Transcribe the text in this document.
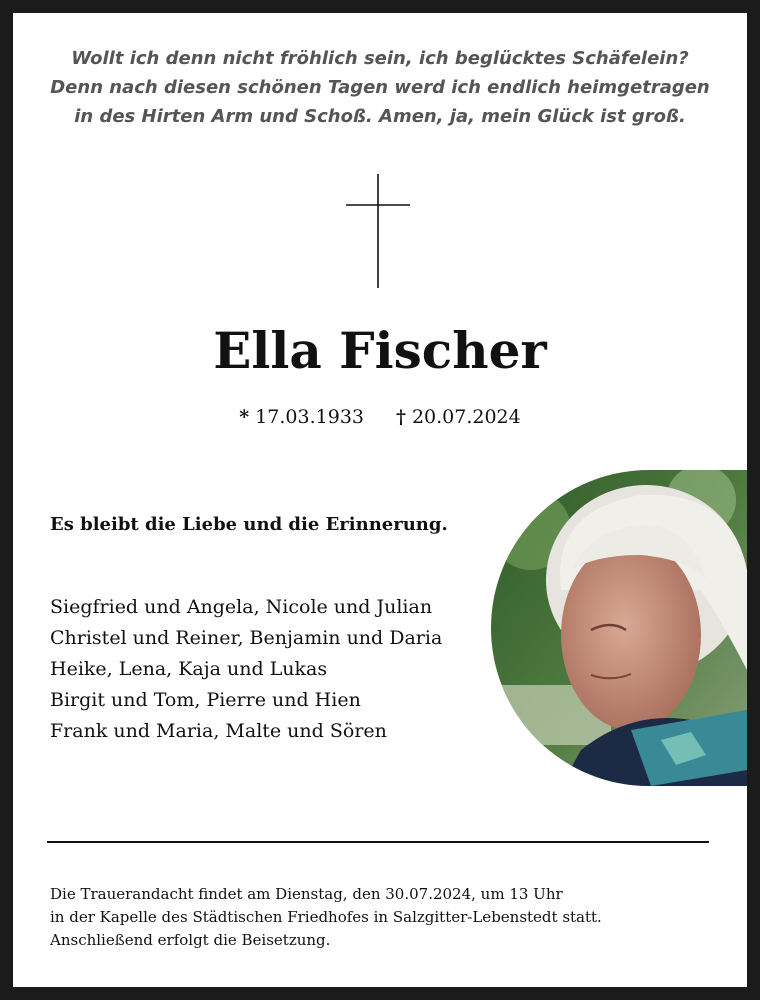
Wollt ich denn nicht fröhlich sein, ich beglücktes Schäfelein?
Denn nach diesen schönen Tagen werd ich endlich heimgetragen
in des Hirten Arm und Schoß. Amen, ja, mein Glück ist groß.
Ella Fischer
* 17.03.1933 † 20.07.2024
Es bleibt die Liebe und die Erinnerung.
Siegfried und Angela, Nicole und Julian
Christel und Reiner, Benjamin und Daria
Heike, Lena, Kaja und Lukas
Birgit und Tom, Pierre und Hien
Frank und Maria, Malte und Sören
Die Trauerandacht findet am Dienstag, den 30.07.2024, um 13 Uhr
in der Kapelle des Städtischen Friedhofes in Salzgitter-Lebenstedt statt.
Anschließend erfolgt die Beisetzung.
